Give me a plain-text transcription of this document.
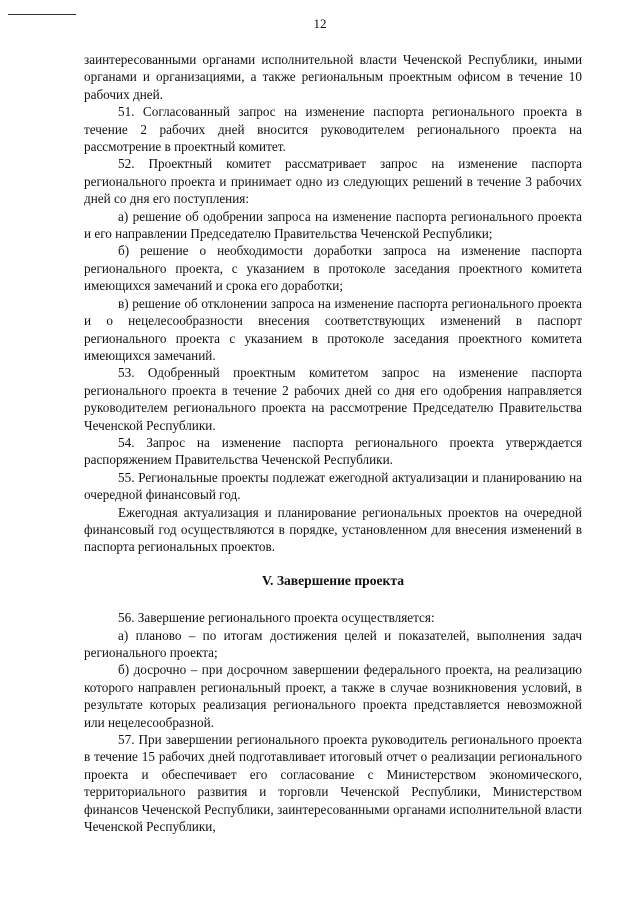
12

заинтересованными органами исполнительной власти Чеченской Республики, иными органами и организациями, а также региональным проектным офисом в течение 10 рабочих дней.

51. Согласованный запрос на изменение паспорта регионального проекта в течение 2 рабочих дней вносится руководителем регионального проекта на рассмотрение в проектный комитет.

52. Проектный комитет рассматривает запрос на изменение паспорта регионального проекта и принимает одно из следующих решений в течение 3 рабочих дней со дня его поступления:

а) решение об одобрении запроса на изменение паспорта регионального проекта и его направлении Председателю Правительства Чеченской Республики;

б) решение о необходимости доработки запроса на изменение паспорта регионального проекта, с указанием в протоколе заседания проектного комитета имеющихся замечаний и срока его доработки;

в) решение об отклонении запроса на изменение паспорта регионального проекта и о нецелесообразности внесения соответствующих изменений в паспорт регионального проекта с указанием в протоколе заседания проектного комитета имеющихся замечаний.

53. Одобренный проектным комитетом запрос на изменение паспорта регионального проекта в течение 2 рабочих дней со дня его одобрения направляется руководителем регионального проекта на рассмотрение Председателю Правительства Чеченской Республики.

54. Запрос на изменение паспорта регионального проекта утверждается распоряжением Правительства Чеченской Республики.

55. Региональные проекты подлежат ежегодной актуализации и планированию на очередной финансовый год.

Ежегодная актуализация и планирование региональных проектов на очередной финансовый год осуществляются в порядке, установленном для внесения изменений в паспорта региональных проектов.

V. Завершение проекта

56. Завершение регионального проекта осуществляется:

а) планово – по итогам достижения целей и показателей, выполнения задач регионального проекта;

б) досрочно – при досрочном завершении федерального проекта, на реализацию которого направлен региональный проект, а также в случае возникновения условий, в результате которых реализация регионального проекта представляется невозможной или нецелесообразной.

57. При завершении регионального проекта руководитель регионального проекта в течение 15 рабочих дней подготавливает итоговый отчет о реализации регионального проекта и обеспечивает его согласование с Министерством экономического, территориального развития и торговли Чеченской Республики, Министерством финансов Чеченской Республики, заинтересованными органами исполнительной власти Чеченской Республики,
